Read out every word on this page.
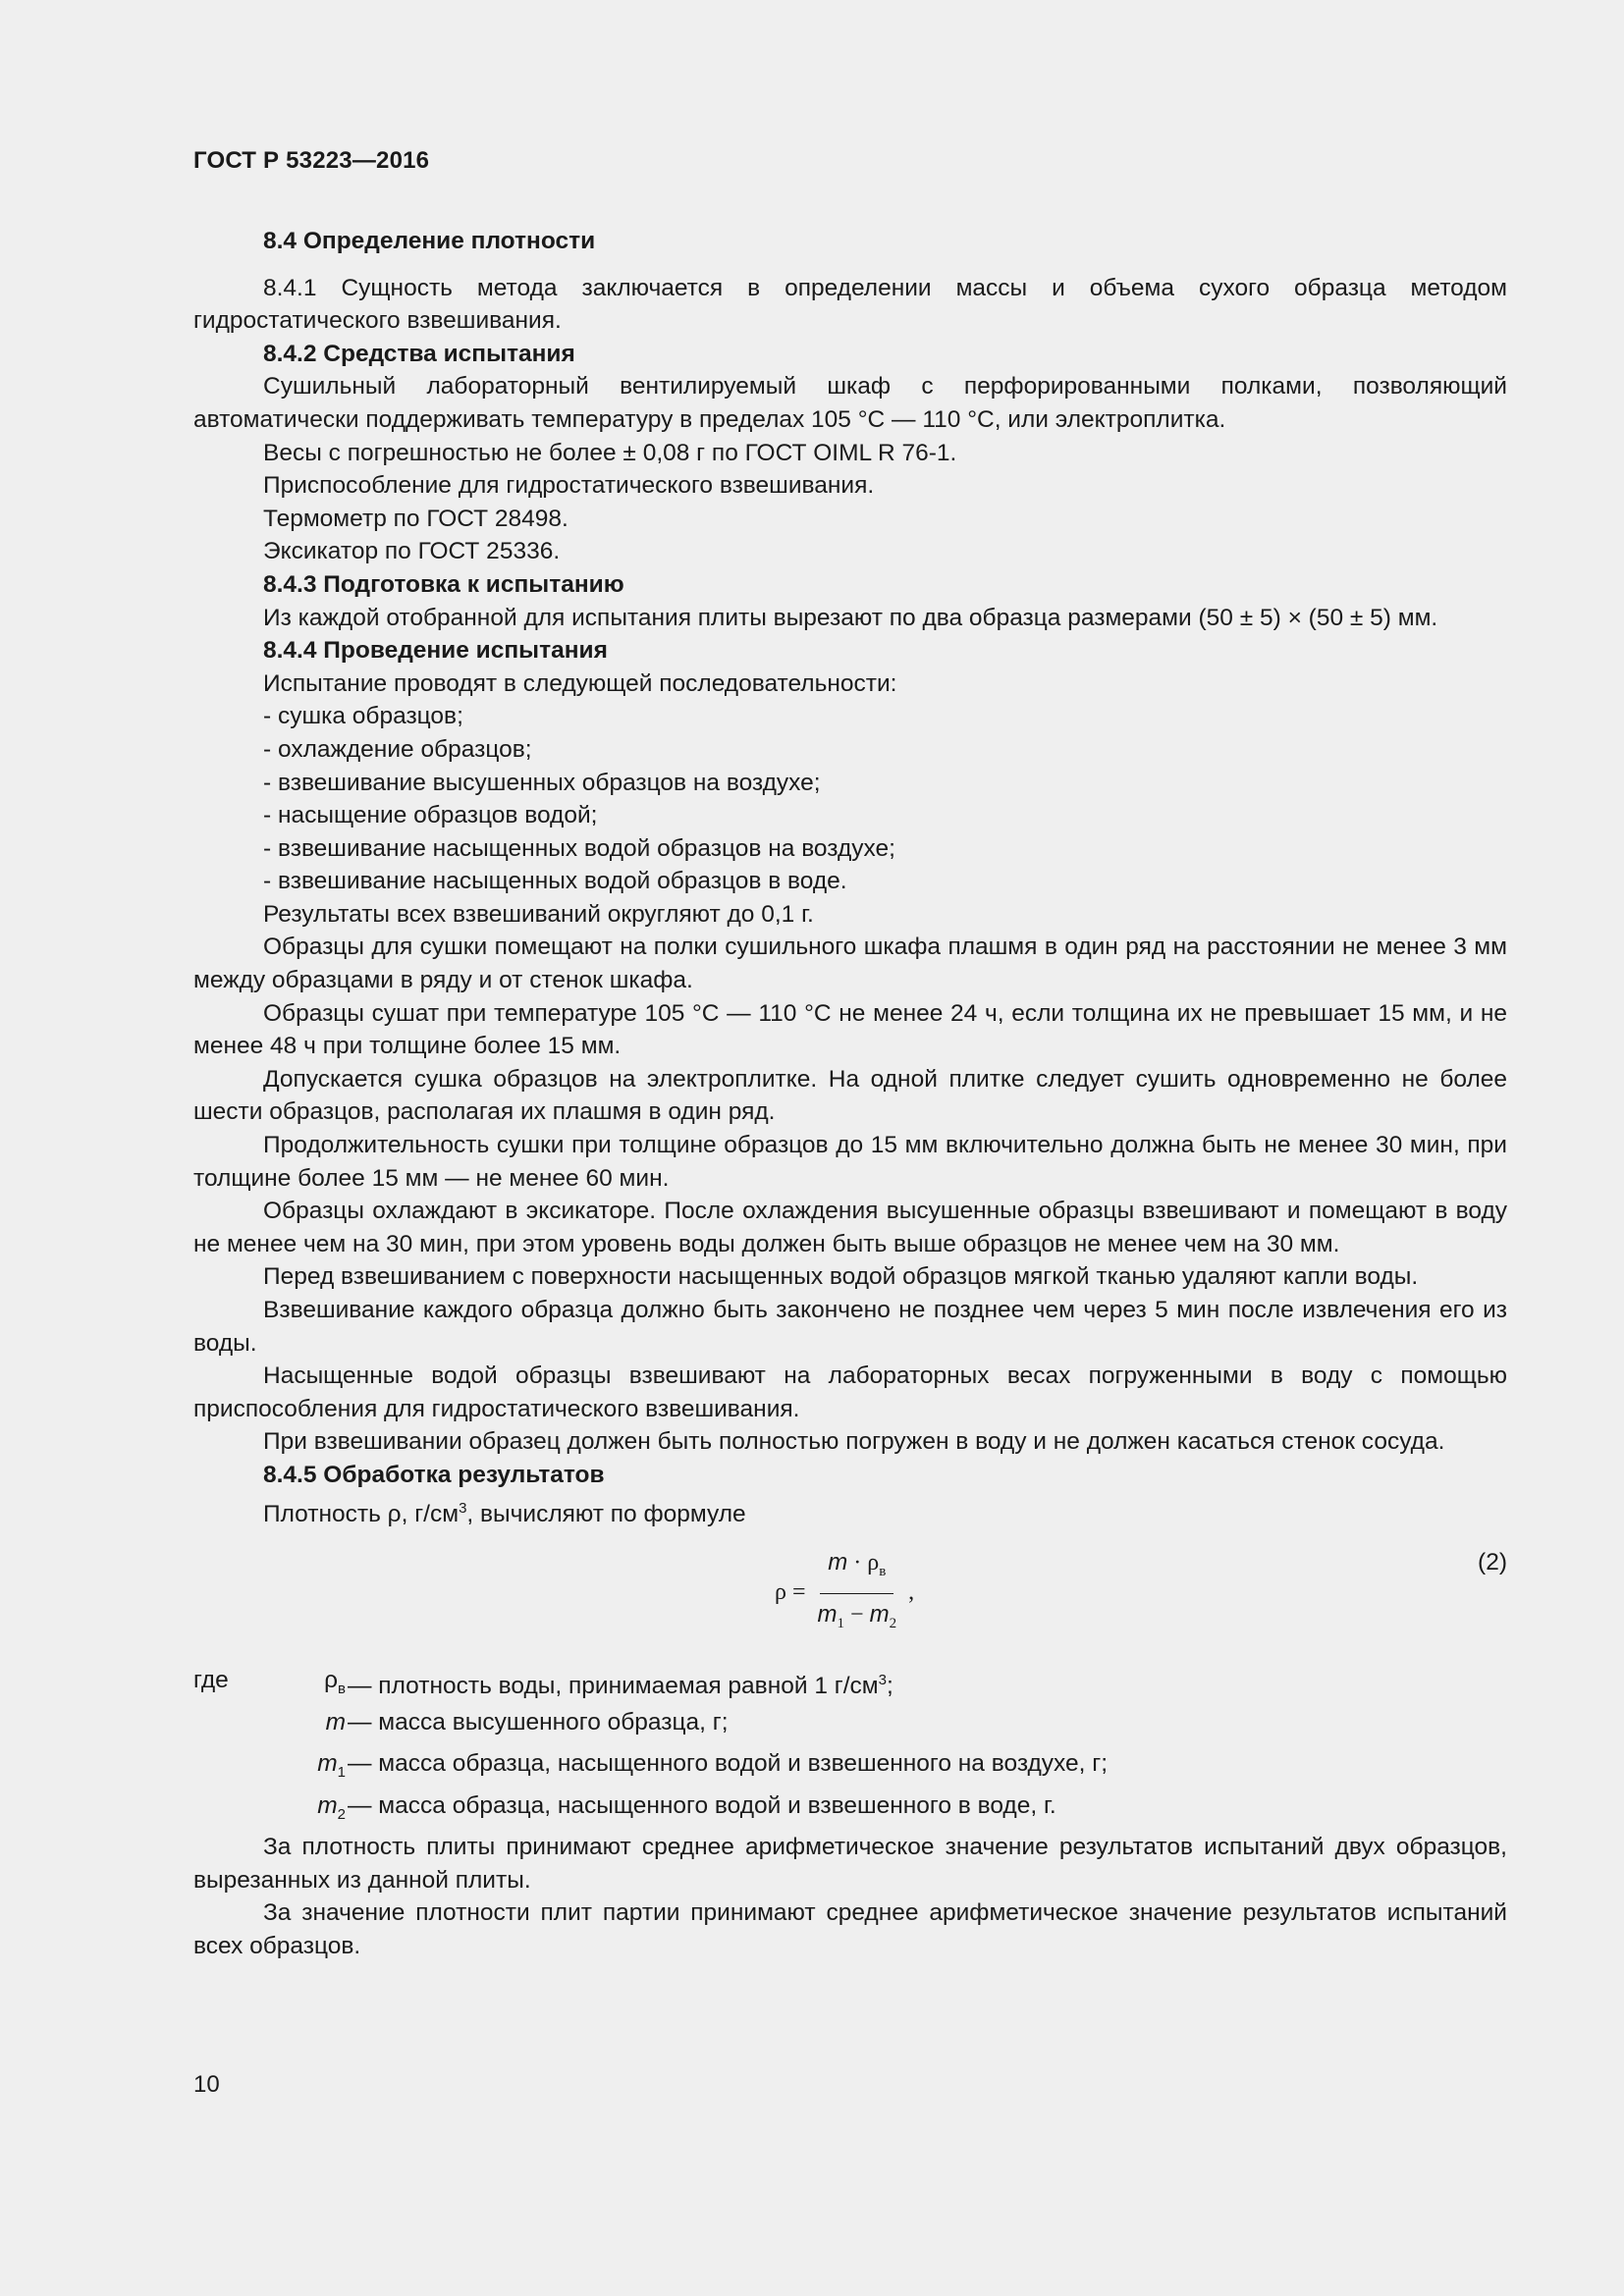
ГОСТ Р 53223—2016

8.4 Определение плотности

8.4.1 Сущность метода заключается в определении массы и объема сухого образца методом гидростатического взвешивания.

8.4.2 Средства испытания

Сушильный лабораторный вентилируемый шкаф с перфорированными полками, позволяющий автоматически поддерживать температуру в пределах 105 °С — 110 °С, или электроплитка.

Весы с погрешностью не более ± 0,08 г по ГОСТ OIML R 76-1.

Приспособление для гидростатического взвешивания.

Термометр по ГОСТ 28498.

Эксикатор по ГОСТ 25336.

8.4.3 Подготовка к испытанию

Из каждой отобранной для испытания плиты вырезают по два образца размерами (50 ± 5) × (50 ± 5) мм.

8.4.4 Проведение испытания

Испытание проводят в следующей последовательности:

- сушка образцов;

- охлаждение образцов;

- взвешивание высушенных образцов на воздухе;

- насыщение образцов водой;

- взвешивание насыщенных водой образцов на воздухе;

- взвешивание насыщенных водой образцов в воде.

Результаты всех взвешиваний округляют до 0,1 г.

Образцы для сушки помещают на полки сушильного шкафа плашмя в один ряд на расстоянии не менее 3 мм между образцами в ряду и от стенок шкафа.

Образцы сушат при температуре 105 °С — 110 °С не менее 24 ч, если толщина их не превышает 15 мм, и не менее 48 ч при толщине более 15 мм.

Допускается сушка образцов на электроплитке. На одной плитке следует сушить одновременно не более шести образцов, располагая их плашмя в один ряд.

Продолжительность сушки при толщине образцов до 15 мм включительно должна быть не менее 30 мин, при толщине более 15 мм — не менее 60 мин.

Образцы охлаждают в эксикаторе. После охлаждения высушенные образцы взвешивают и помещают в воду не менее чем на 30 мин, при этом уровень воды должен быть выше образцов не менее чем на 30 мм.

Перед взвешиванием с поверхности насыщенных водой образцов мягкой тканью удаляют капли воды.

Взвешивание каждого образца должно быть закончено не позднее чем через 5 мин после извлечения его из воды.

Насыщенные водой образцы взвешивают на лабораторных весах погруженными в воду с помощью приспособления для гидростатического взвешивания.

При взвешивании образец должен быть полностью погружен в воду и не должен касаться стенок сосуда.

8.4.5 Обработка результатов

Плотность ρ, $г/см^3$, вычисляют по формуле

$\rho = \frac{m \cdot \rho_в}{m_1 - m_2}$ ,
(2)
где	$\rho_в$ — плотность воды, принимаемая равной 1 $г/см^3$;
m — масса высушенного образца, г;
$m_1$ — масса образца, насыщенного водой и взвешенного на воздухе, г;
$m_2$ — масса образца, насыщенного водой и взвешенного в воде, г.

За плотность плиты принимают среднее арифметическое значение результатов испытаний двух образцов, вырезанных из данной плиты.

За значение плотности плит партии принимают среднее арифметическое значение результатов испытаний всех образцов.

10
